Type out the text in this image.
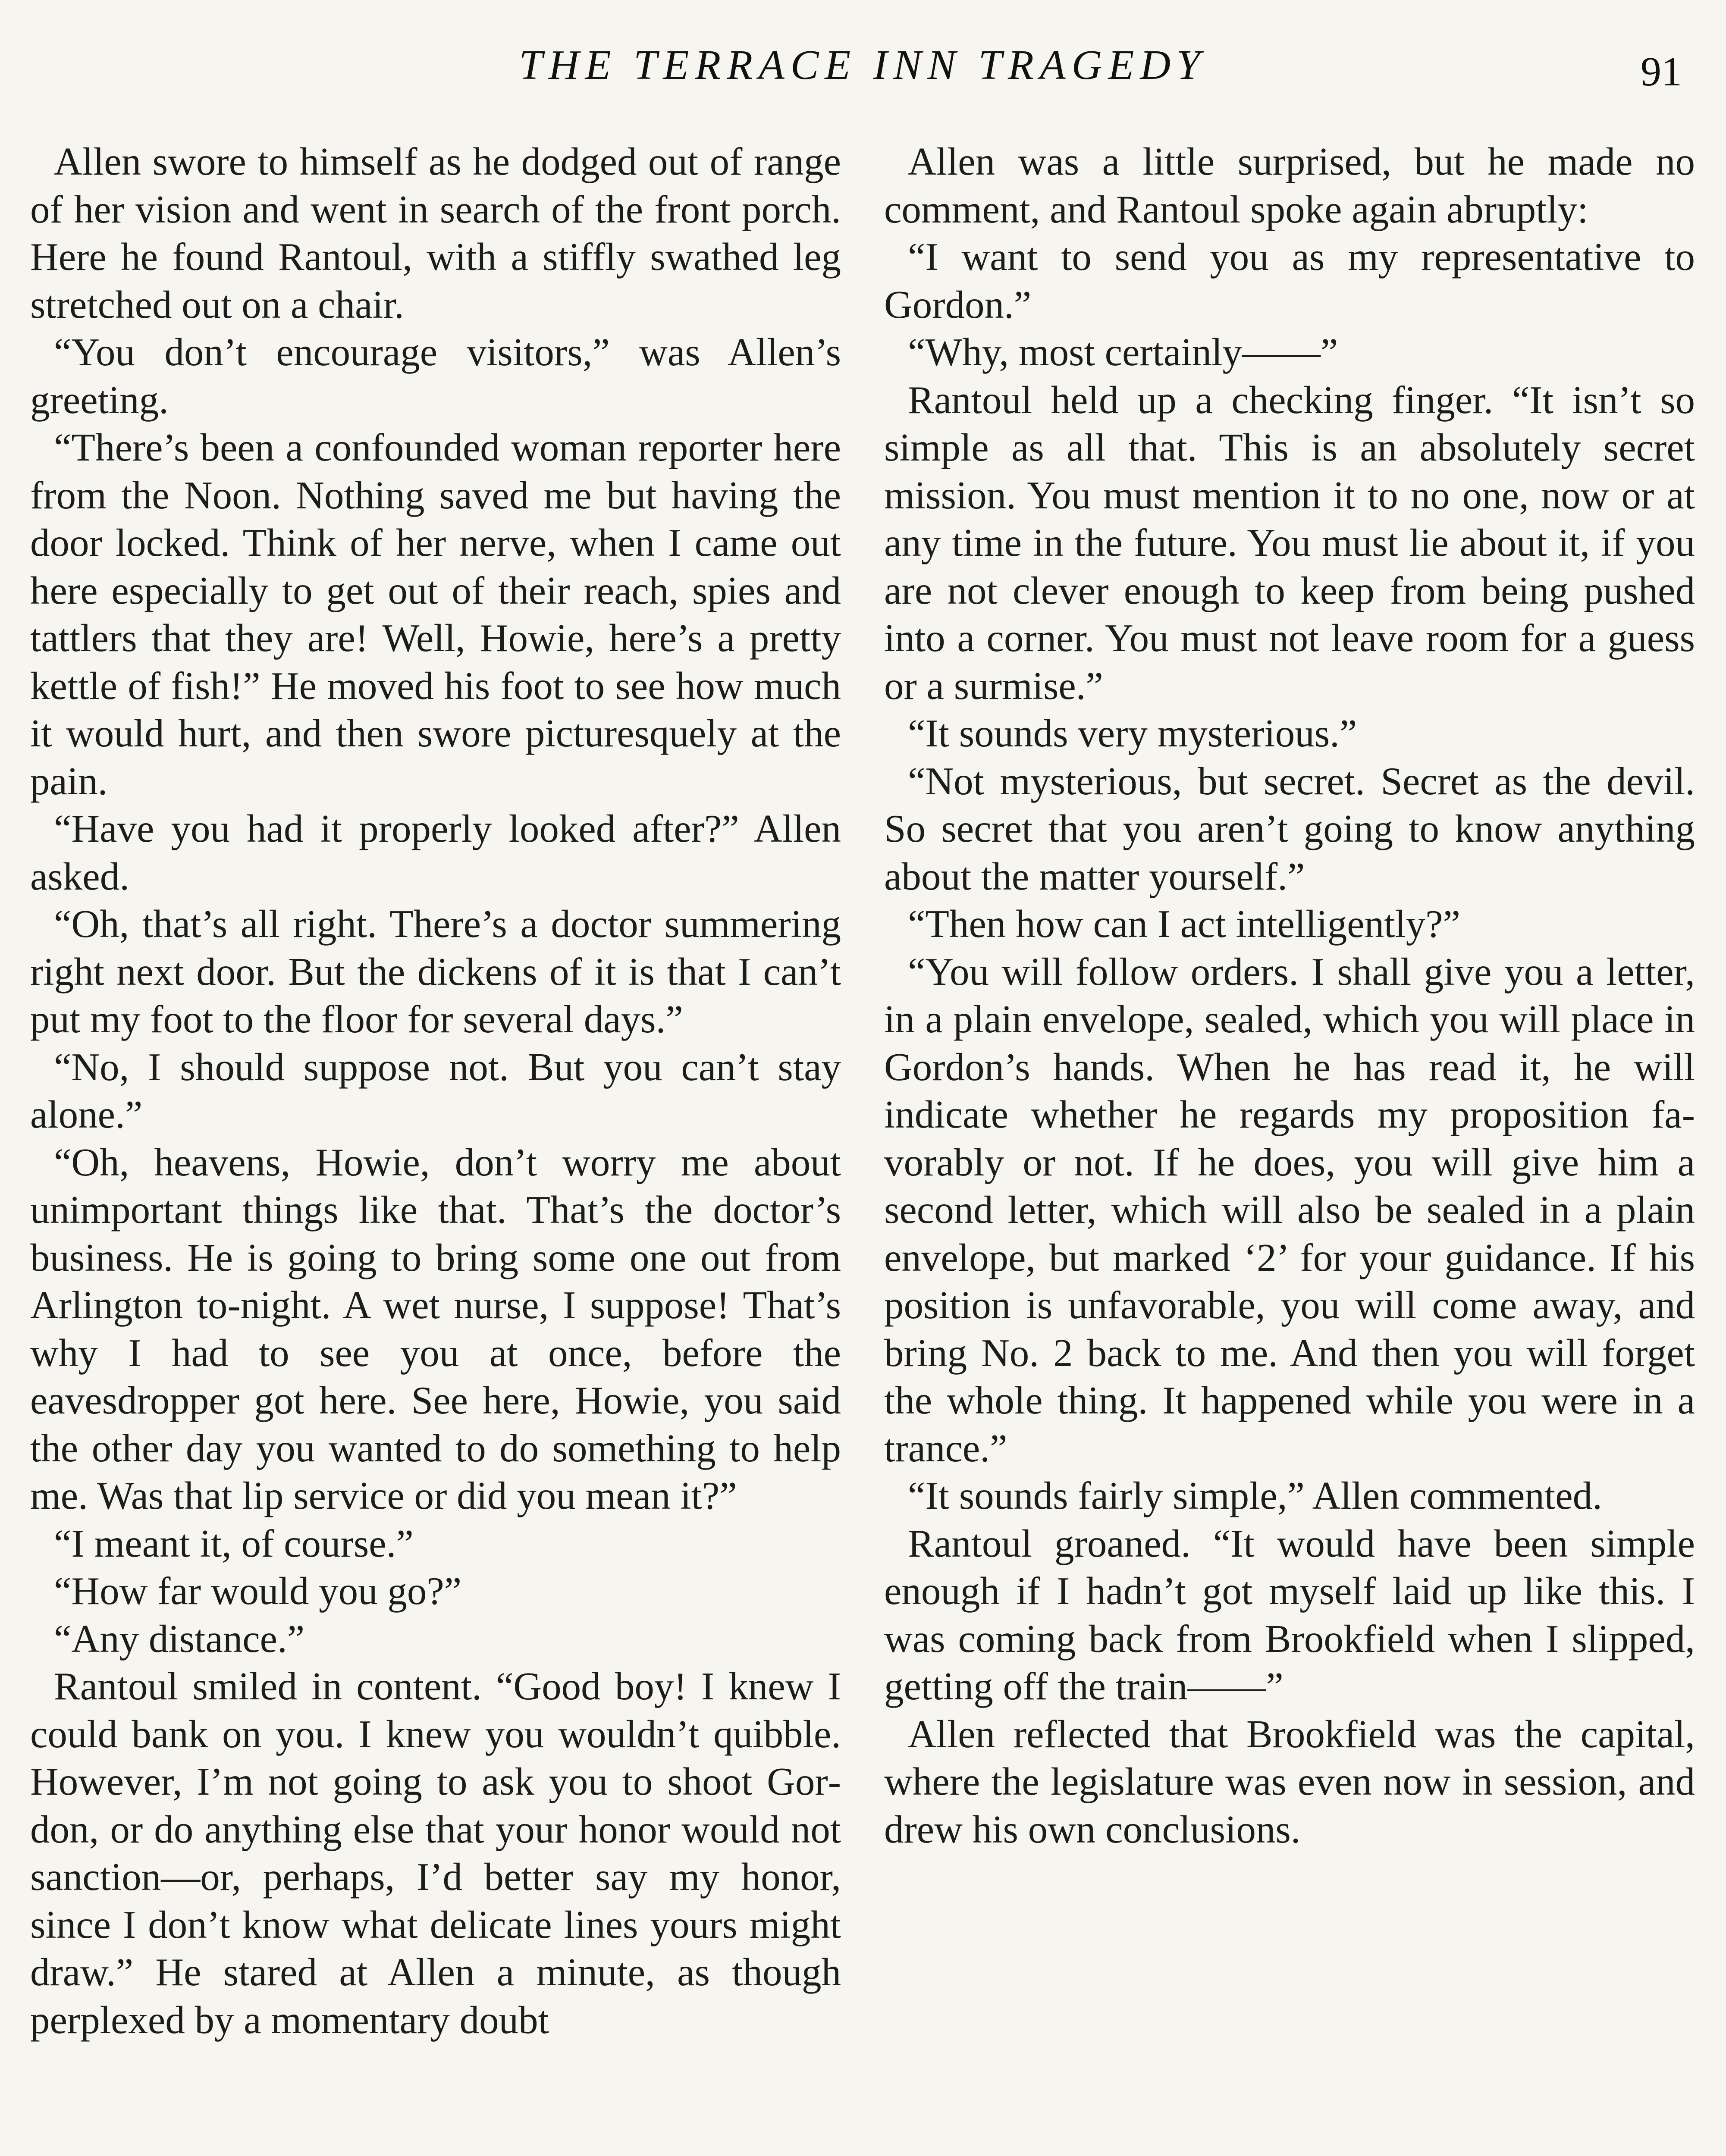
THE TERRACE INN TRAGEDY	91

Allen swore to himself as he dodged out of range of her vision and went in search of the front porch. Here he found Rantoul, with a stiffly swathed leg stretched out on a chair.

“You don’t encourage visitors,” was Allen’s greeting.

“There’s been a confounded woman reporter here from the Noon. Nothing saved me but having the door locked. Think of her nerve, when I came out here especially to get out of their reach, spies and tattlers that they are! Well, Howie, here’s a pretty kettle of fish!” He moved his foot to see how much it would hurt, and then swore picturesquely at the pain.

“Have you had it properly looked after?” Allen asked.

“Oh, that’s all right. There’s a doctor summering right next door. But the dickens of it is that I can’t put my foot to the floor for several days.”

“No, I should suppose not. But you can’t stay alone.”

“Oh, heavens, Howie, don’t worry me about unimportant things like that. That’s the doctor’s business. He is going to bring some one out from Arlington to-night. A wet nurse, I suppose! That’s why I had to see you at once, before the eavesdropper got here. See here, Howie, you said the other day you wanted to do something to help me. Was that lip service or did you mean it?”

“I meant it, of course.”

“How far would you go?”

“Any distance.”

Rantoul smiled in content. “Good boy! I knew I could bank on you. I knew you wouldn’t quibble. However, I’m not going to ask you to shoot Gordon, or do anything else that your honor would not sanction—or, perhaps, I’d better say my honor, since I don’t know what delicate lines yours might draw.” He stared at Allen a minute, as though perplexed by a momentary doubt

Allen was a little surprised, but he made no comment, and Rantoul spoke again abruptly:

“I want to send you as my representative to Gordon.”

“Why, most certainly——”

Rantoul held up a checking finger. “It isn’t so simple as all that. This is an absolutely secret mission. You must mention it to no one, now or at any time in the future. You must lie about it, if you are not clever enough to keep from being pushed into a corner. You must not leave room for a guess or a surmise.”

“It sounds very mysterious.”

“Not mysterious, but secret. Secret as the devil. So secret that you aren’t going to know anything about the matter yourself.”

“Then how can I act intelligently?”

“You will follow orders. I shall give you a letter, in a plain envelope, sealed, which you will place in Gordon’s hands. When he has read it, he will indicate whether he regards my proposition favorably or not. If he does, you will give him a second letter, which will also be sealed in a plain envelope, but marked ‘2’ for your guidance. If his position is unfavorable, you will come away, and bring No. 2 back to me. And then you will forget the whole thing. It happened while you were in a trance.”

“It sounds fairly simple,” Allen commented.

Rantoul groaned. “It would have been simple enough if I hadn’t got myself laid up like this. I was coming back from Brookfield when I slipped, getting off the train——”

Allen reflected that Brookfield was the capital, where the legislature was even now in session, and drew his own conclusions.
